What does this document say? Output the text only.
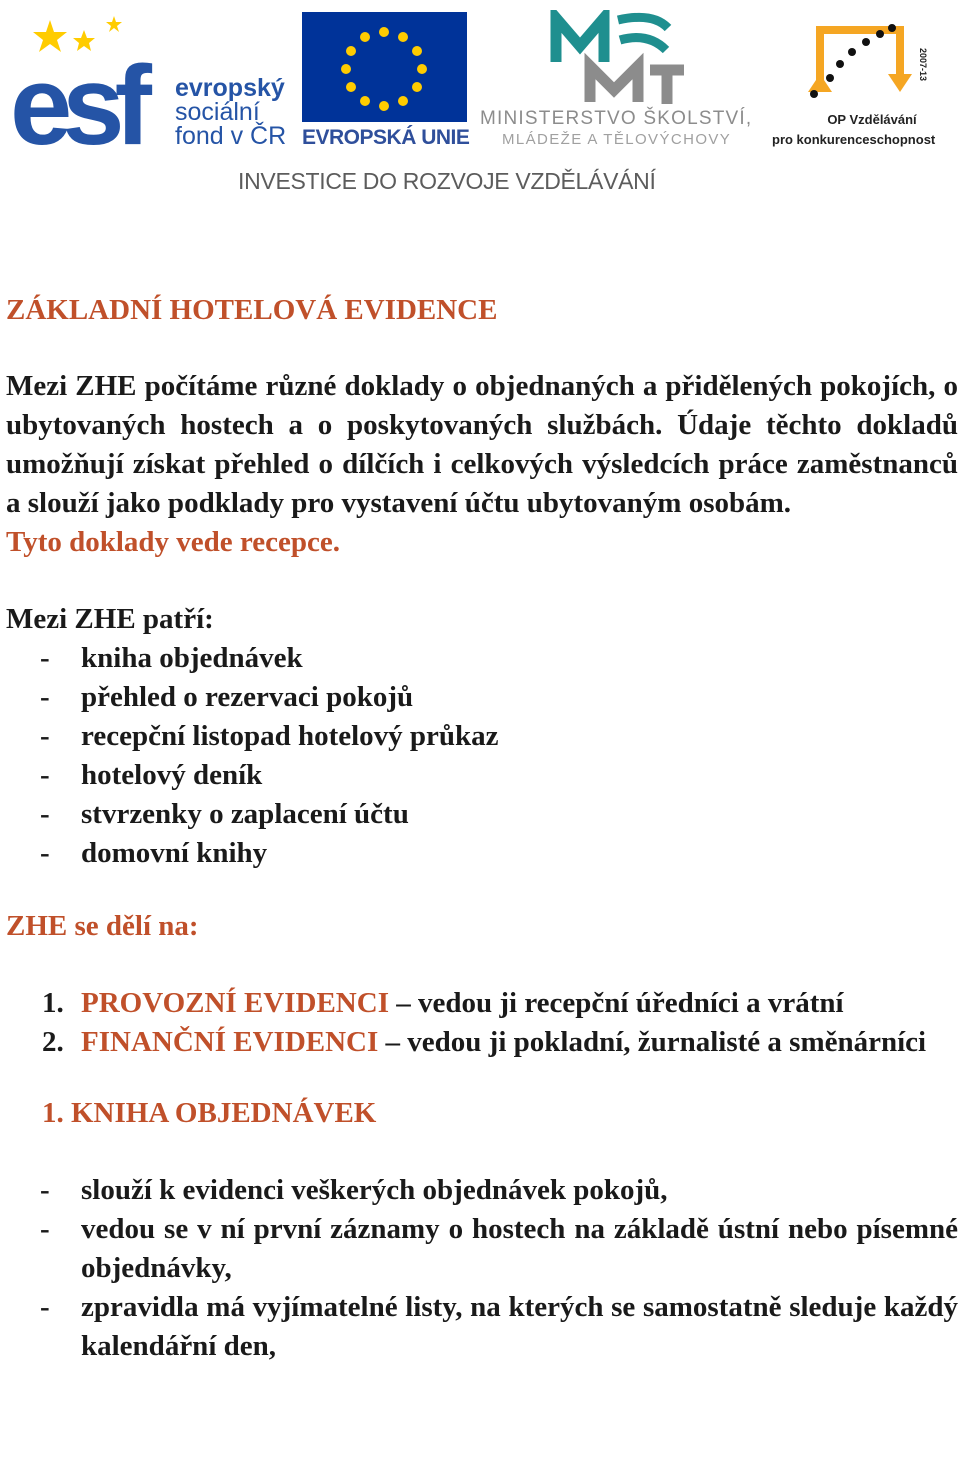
esf	evropský
sociální
fond v ČR EVROPSKÁ UNIE
MINISTERSTVO ŠKOLSTVÍ,
MLÁDEŽE A TĚLOVÝCHOVY
2007-13
OP Vzdělávání
pro konkurenceschopnost
INVESTICE DO ROZVOJE VZDĚLÁVÁNÍ
ZÁKLADNÍ HOTELOVÁ EVIDENCE

Mezi ZHE počítáme různé doklady o objednaných a přidělených pokojích, o ubytovaných hostech a o poskytovaných službách. Údaje těchto dokladů umožňují získat přehled o dílčích i celkových výsledcích práce zaměstnanců a slouží jako podklady pro vystavení účtu ubytovaným osobám.

Tyto doklady vede recepce.

Mezi ZHE patří:

- kniha objednávek
- přehled o rezervaci pokojů
- recepční listopad hotelový průkaz
- hotelový deník
- stvrzenky o zaplacení účtu
- domovní knihy

ZHE se dělí na:

1. PROVOZNÍ EVIDENCI – vedou ji recepční úředníci a vrátní
2. FINANČNÍ EVIDENCI – vedou ji pokladní, žurnalisté a směnárníci

1. KNIHA OBJEDNÁVEK

- slouží k evidenci veškerých objednávek pokojů,
- vedou se v ní první záznamy o hostech na základě ústní nebo písemné objednávky,
- zpravidla má vyjímatelné listy, na kterých se samostatně sleduje každý kalendářní den,
